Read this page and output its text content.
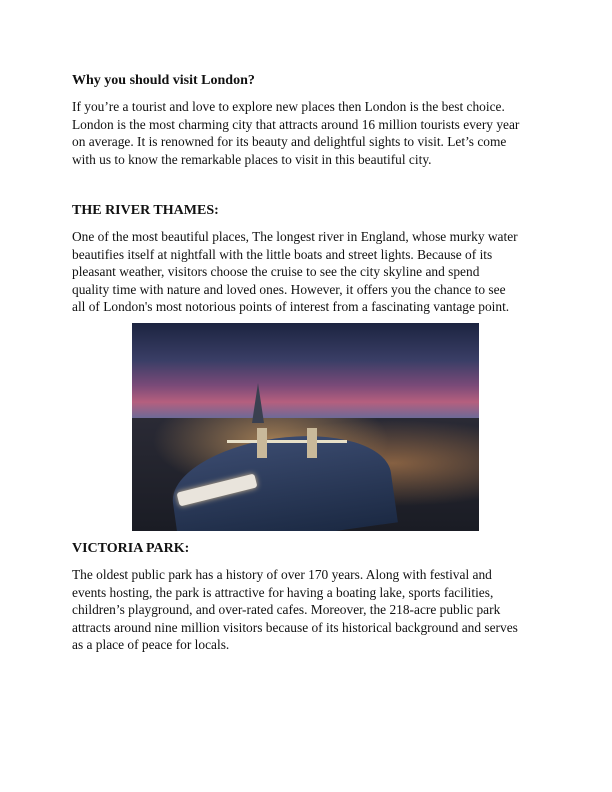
Why you should visit London?
If you’re a tourist and love to explore new places then London is the best choice.
London is the most charming city that attracts around 16 million tourists every year
on average. It is renowned for its beauty and delightful sights to visit. Let’s come
with us to know the remarkable places to visit in this beautiful city.
THE RIVER THAMES:
One of the most beautiful places, The longest river in England, whose murky water
beautifies itself at nightfall with the little boats and street lights. Because of its
pleasant weather, visitors choose the cruise to see the city skyline and spend
quality time with nature and loved ones. However, it offers you the chance to see
all of London's most notorious points of interest from a fascinating vantage point.
VICTORIA PARK:
The oldest public park has a history of over 170 years. Along with festival and
events hosting, the park is attractive for having a boating lake, sports facilities,
children’s playground, and over-rated cafes. Moreover, the 218-acre public park
attracts around nine million visitors because of its historical background and serves
as a place of peace for locals.
